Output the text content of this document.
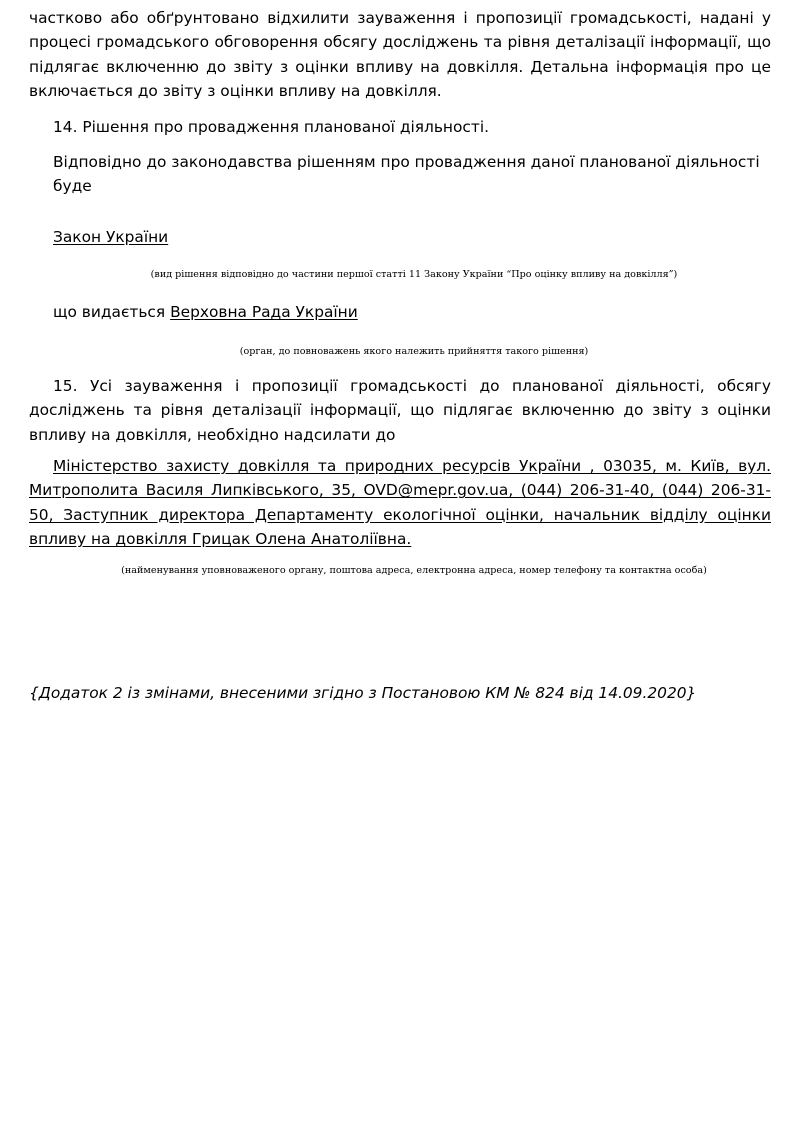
частково або обґрунтовано відхилити зауваження і пропозиції громадськості, надані у процесі громадського обговорення обсягу досліджень та рівня деталізації інформації, що підлягає включенню до звіту з оцінки впливу на довкілля. Детальна інформація про це включається до звіту з оцінки впливу на довкілля.

14. Рішення про провадження планованої діяльності.

Відповідно до законодавства рішенням про провадження даної планованої діяльності буде

Закон України

(вид рішення відповідно до частини першої статті 11 Закону України “Про оцінку впливу на довкілля”)

що видається Верховна Рада України

(орган, до повноважень якого належить прийняття такого рішення)

15. Усі зауваження і пропозиції громадськості до планованої діяльності, обсягу досліджень та рівня деталізації інформації, що підлягає включенню до звіту з оцінки впливу на довкілля, необхідно надсилати до

Міністерство захисту довкілля та природних ресурсів України , 03035, м. Київ, вул. Митрополита Василя Липківського, 35, OVD@mepr.gov.ua, (044) 206-31-40, (044) 206-31-50, Заступник директора Департаменту екологічної оцінки, начальник відділу оцінки впливу на довкілля Грицак Олена Анатоліївна.

(найменування уповноваженого органу, поштова адреса, електронна адреса, номер телефону та контактна особа)

{Додаток 2 із змінами, внесеними згідно з Постановою КМ № 824 від 14.09.2020}
